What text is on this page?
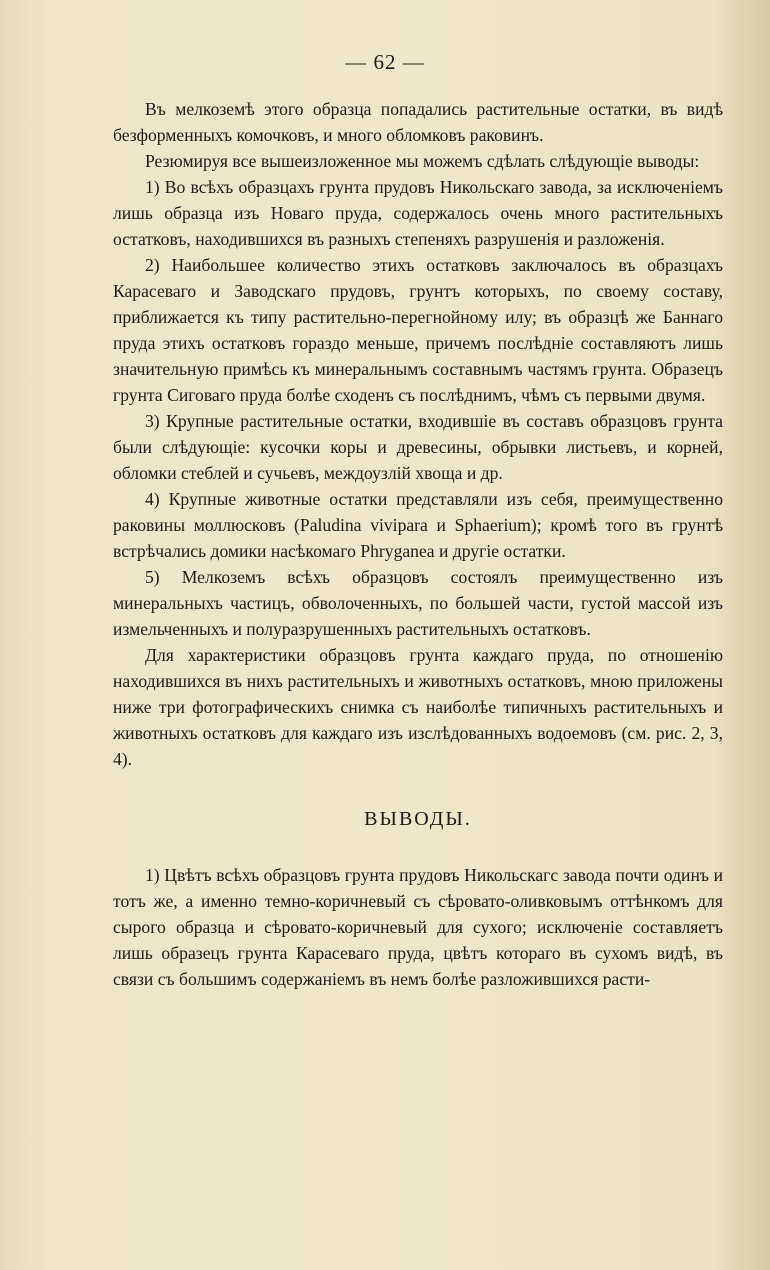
— 62 —

Въ мелкоземѣ этого образца попадались растительные остатки, въ видѣ безформенныхъ комочковъ, и много обломковъ раковинъ.

Резюмируя все вышеизложенное мы можемъ сдѣлать слѣдующіе выводы:

1) Во всѣхъ образцахъ грунта прудовъ Никольскаго завода, за исключеніемъ лишь образца изъ Новаго пруда, содержалось очень много растительныхъ остатковъ, находившихся въ разныхъ степеняхъ разрушенія и разложенія.

2) Наибольшее количество этихъ остатковъ заключалось въ образцахъ Карасеваго и Заводскаго прудовъ, грунтъ которыхъ, по своему составу, приближается къ типу растительно-перегнойному илу; въ образцѣ же Баннаго пруда этихъ остатковъ гораздо меньше, причемъ послѣдніе составляютъ лишь значительную примѣсь къ минеральнымъ составнымъ частямъ грунта. Образецъ грунта Сиговаго пруда болѣе сходенъ съ послѣднимъ, чѣмъ съ первыми двумя.

3) Крупные растительные остатки, входившіе въ составъ образцовъ грунта были слѣдующіе: кусочки коры и древесины, обрывки листьевъ, и корней, обломки стеблей и сучьевъ, междоузлій хвоща и др.

4) Крупные животные остатки представляли изъ себя, преимущественно раковины моллюсковъ (Paludina vivipara и Sphaerium); кромѣ того въ грунтѣ встрѣчались домики насѣкомаго Phryganea и другіе остатки.

5) Мелкоземъ всѣхъ образцовъ состоялъ преимущественно изъ минеральныхъ частицъ, обволоченныхъ, по большей части, густой массой изъ измельченныхъ и полуразрушенныхъ растительныхъ остатковъ.

Для характеристики образцовъ грунта каждаго пруда, по отношенію находившихся въ нихъ растительныхъ и животныхъ остатковъ, мною приложены ниже три фотографическихъ снимка съ наиболѣе типичныхъ растительныхъ и животныхъ остатковъ для каждаго изъ изслѣдованныхъ водоемовъ (см. рис. 2, 3, 4).

ВЫВОДЫ.

1) Цвѣтъ всѣхъ образцовъ грунта прудовъ Никольскагс завода почти одинъ и тотъ же, а именно темно-коричневый съ сѣровато-оливковымъ оттѣнкомъ для сырого образца и сѣровато-коричневый для сухого; исключеніе составляетъ лишь образецъ грунта Карасеваго пруда, цвѣтъ котораго въ сухомъ видѣ, въ связи съ большимъ содержаніемъ въ немъ болѣе разложившихся расти-
